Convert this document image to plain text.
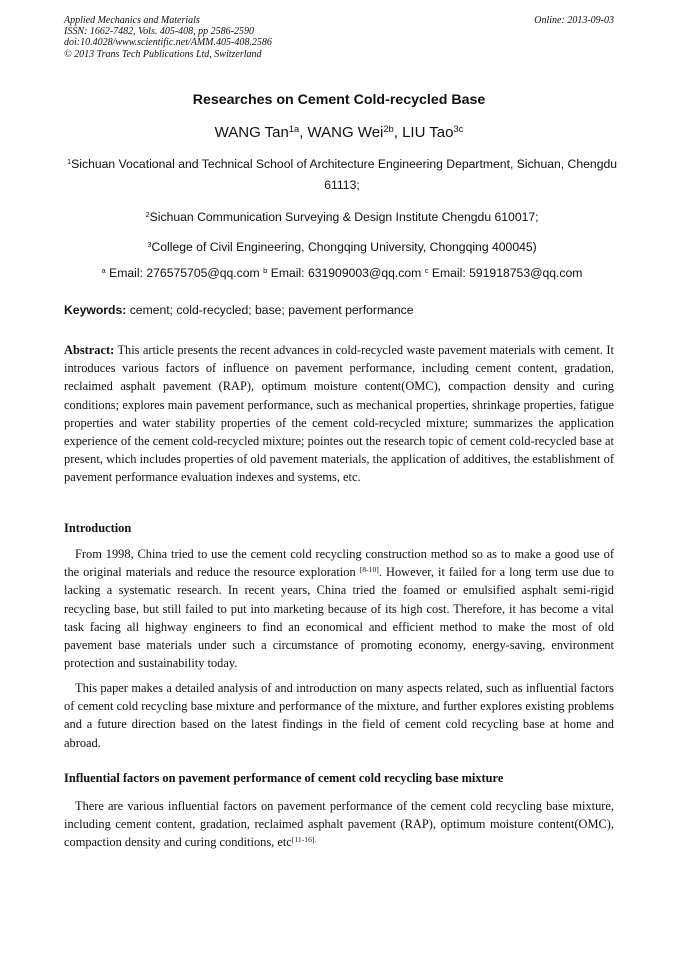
Applied Mechanics and Materials
ISSN: 1662-7482, Vols. 405-408, pp 2586-2590
doi:10.4028/www.scientific.net/AMM.405-408.2586
© 2013 Trans Tech Publications Ltd, Switzerland
Online: 2013-09-03
Researches on Cement Cold-recycled Base
WANG Tan$^{1a}$, WANG Wei$^{2b}$, LIU Tao$^{3c}$
$^1$Sichuan Vocational and Technical School of Architecture Engineering Department, Sichuan, Chengdu 61113;
$^2$Sichuan Communication Surveying & Design Institute Chengdu 610017;
$^3$College of Civil Engineering, Chongqing University, Chongqing 400045)
$^a$ Email: 276575705@qq.com $^b$ Email: 631909003@qq.com $^c$ Email: 591918753@qq.com
Keywords: cement; cold-recycled; base; pavement performance
Abstract: This article presents the recent advances in cold-recycled waste pavement materials with cement. It introduces various factors of influence on pavement performance, including cement content, gradation, reclaimed asphalt pavement (RAP), optimum moisture content(OMC), compaction density and curing conditions; explores main pavement performance, such as mechanical properties, shrinkage properties, fatigue properties and water stability properties of the cement cold-recycled mixture; summarizes the application experience of the cement cold-recycled mixture; pointes out the research topic of cement cold-recycled base at present, which includes properties of old pavement materials, the application of additives, the establishment of pavement performance evaluation indexes and systems, etc.
Introduction
From 1998, China tried to use the cement cold recycling construction method so as to make a good use of the original materials and reduce the resource exploration [8-10]. However, it failed for a long term use due to lacking a systematic research. In recent years, China tried the foamed or emulsified asphalt semi-rigid recycling base, but still failed to put into marketing because of its high cost. Therefore, it has become a vital task facing all highway engineers to find an economical and efficient method to make the most of old pavement base materials under such a circumstance of promoting economy, energy-saving, environment protection and sustainability today.
This paper makes a detailed analysis of and introduction on many aspects related, such as influential factors of cement cold recycling base mixture and performance of the mixture, and further explores existing problems and a future direction based on the latest findings in the field of cement cold recycling base at home and abroad.
Influential factors on pavement performance of cement cold recycling base mixture
There are various influential factors on pavement performance of the cement cold recycling base mixture, including cement content, gradation, reclaimed asphalt pavement (RAP), optimum moisture content(OMC), compaction density and curing conditions, etc$^{[11-16].}$
